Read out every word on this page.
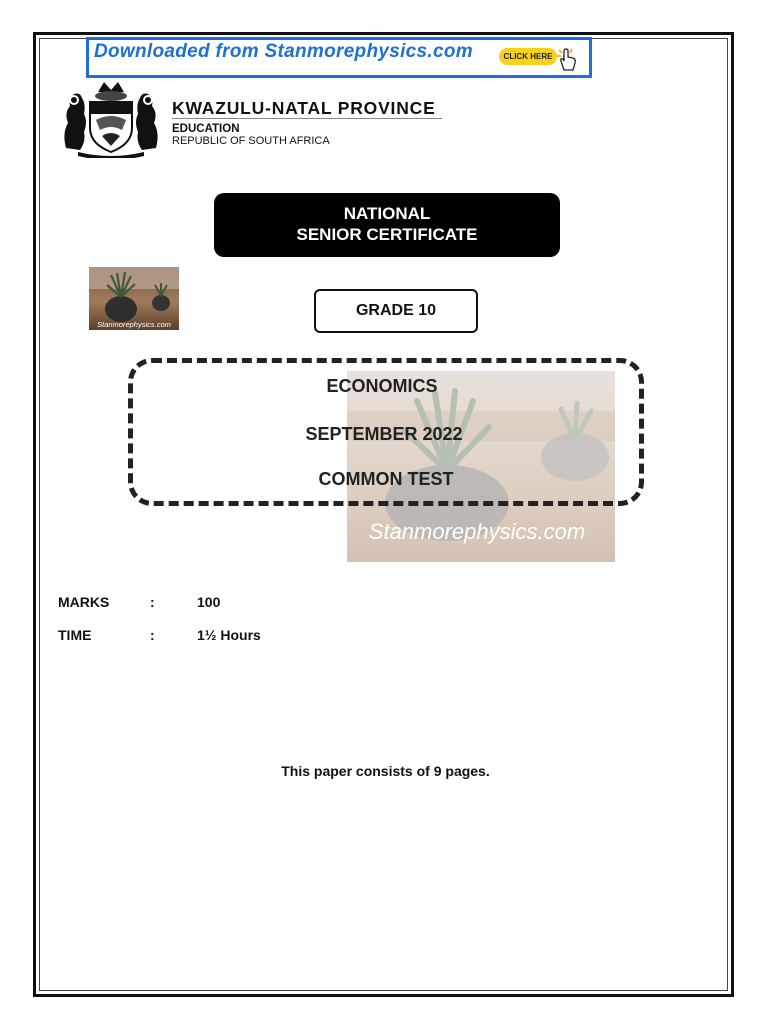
Downloaded from Stanmorephysics.com	CLICK HERE
KWAZULU-NATAL PROVINCE
EDUCATION
REPUBLIC OF SOUTH AFRICA
NATIONAL
SENIOR CERTIFICATE
Stanmorephysics.com
GRADE 10
Stanmorephysics.com
ECONOMICS
SEPTEMBER 2022
COMMON TEST
MARKS	:	100
TIME	:	1½ Hours
This paper consists of 9 pages.
